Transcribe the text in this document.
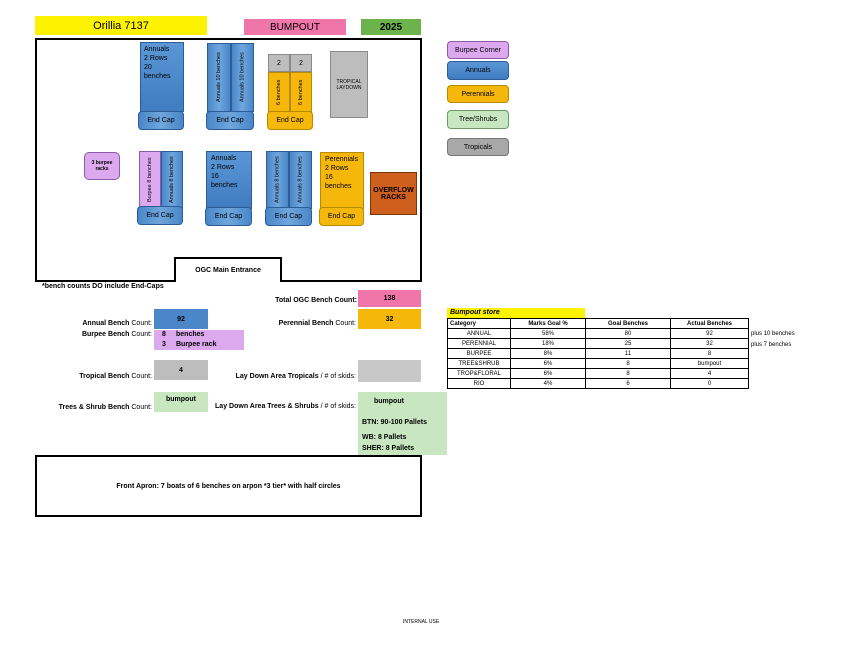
Orillia 7137	BUMPOUT	2025
Annuals
2 Rows
20
benches
End Cap
Annuals 10 benches	Annuals 10 benches
End Cap
2	2
6 benches	6 benches
End Cap
TROPICAL LAYDOWN
3 burpee racks	Burpee 8 benches	Annuals 8 benches
End Cap
Annuals
2 Rows
16
benches
End Cap
Annuals 8 benches	Annuals 8 benches
End Cap
Perennials
2 Rows
16 benches
End Cap
OVERFLOW RACKS
OGC Main Entrance
Burpee Corner
Annuals
Perennials
Tree/Shrubs
Tropicals
*bench counts DO include End-Caps
Total OGC Bench Count:	138
Annual Bench Count:
92
Perennial Bench Count:
32
Burpee Bench Count: 8 benches
3 Burpee rack
Tropical Bench Count:
4
Lay Down Area Tropicals / # of skids:
Trees & Shrub Bench Count:
bumpout
Lay Down Area Trees & Shrubs / # of skids:
bumpout
BTN: 90-100 Pallets
WB: 8 Pallets
SHER: 8 Pallets
Bumpout store
Category	Marks Goal %	Goal Benches	Actual Benches
ANNUAL	58%	80	92
PERENNIAL	18%	25	32
BURPEE	8%	11	8
TREE&SHRUB	6%	8	bumpout
TROP&FLORAL	6%	8	4
RIO	4%	6	0
plus 10 benches
plus 7 benches
Front Apron: 7 boats of 6 benches on arpon *3 tier* with half circles
INTERNAL USE
